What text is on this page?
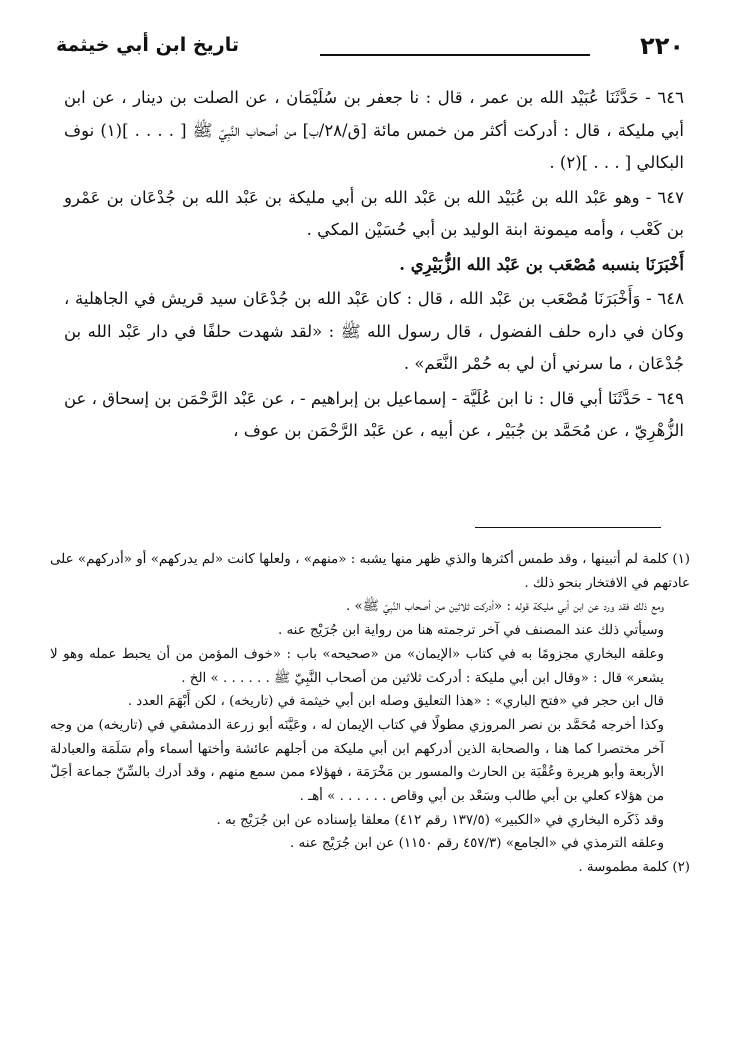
٢٢٠
تاريخ ابن أبي خيثمة

٦٤٦ - حَدَّثَنَا عُبَيْد الله بن عمر ، قال : نا جعفر بن سُلَيْمَان ، عن الصلت بن دينار ، عن ابن أبي مليكة ، قال : أدركت أكثر من خمس مائة [ق/٢٨/ب] من أصحاب النَّبِيّ ﷺ [ . . . . ](١) نوف البكالي [ . . . ](٢) .

٦٤٧ - وهو عَبْد الله بن عُبَيْد الله بن عَبْد الله بن أبي مليكة بن عَبْد الله بن جُدْعَان بن عَمْرو بن كَعْب ، وأمه ميمونة ابنة الوليد بن أبي حُسَيْن المكي .

أَخْبَرَنَا بنسبه مُصْعَب بن عَبْد الله الزُّبَيْرِي .

٦٤٨ - وَأَخْبَرَنَا مُصْعَب بن عَبْد الله ، قال : كان عَبْد الله بن جُدْعَان سيد قريش في الجاهلية ، وكان في داره حلف الفضول ، قال رسول الله ﷺ : «لقد شهدت حلفًا في دار عَبْد الله بن جُدْعَان ، ما سرني أن لي به حُمْر النَّعَم» .

٦٤٩ - حَدَّثَنَا أبي قال : نا ابن عُلَيَّة - إسماعيل بن إبراهيم - ، عن عَبْد الرَّحْمَن بن إسحاق ، عن الزُّهْرِيّ ، عن مُحَمَّد بن جُبَيْر ، عن أبيه ، عن عَبْد الرَّحْمَن بن عوف ،

(١) كلمة لم أتبينها ، وقد طمس أكثرها والذي ظهر منها يشبه : «منهم» ، ولعلها كانت «لم يدركهم» أو «أدركهم» على عادتهم في الافتخار بنحو ذلك .

ومع ذلك فقد ورد عن ابن أبي مليكة قوله : «أدركت ثلاثين من أصحاب النَّبِيّ ﷺ» .

وسيأتي ذلك عند المصنف في آخر ترجمته هنا من رواية ابن جُرَيْج عنه .

وعلقه البخاري مجزومًا به في كتاب «الإيمان» من «صحيحه» باب : «خوف المؤمن من أن يحبط عمله وهو لا يشعر» قال : «وقال ابن أبي مليكة : أدركت ثلاثين من أصحاب النَّبِيّ ﷺ . . . . . . » الخ .

قال ابن حجر في «فتح الباري» : «هذا التعليق وصله ابن أبي خيثمة في (تاريخه) ، لكن أَبْهَمَ العدد .

وكذا أخرجه مُحَمَّد بن نصر المروزي مطولًا في كتاب الإيمان له ، وعَيَّنَه أبو زرعة الدمشقي في (تاريخه) من وجه آخر مختصرا كما هنا ، والصحابة الذين أدركهم ابن أبي مليكة من أجلهم عائشة وأختها أسماء وأم سَلَمَة والعبادلة الأربعة وأبو هريرة وعُقْبَة بن الحارث والمسور بن مَخْرَمَة ، فهؤلاء ممن سمع منهم ، وقد أدرك بالسِّنّ جماعة أجَلّ من هؤلاء كعلي بن أبي طالب وسَعْد بن أبي وقاص . . . . . . » أهـ .

وقد ذَكَره البخاري في «الكبير» (١٣٧/٥ رقم ٤١٢) معلقا بإسناده عن ابن جُرَيْج به .

وعلقه الترمذي في «الجامع» (٤٥٧/٣ رقم ١١٥٠) عن ابن جُرَيْج عنه .

(٢) كلمة مطموسة .
